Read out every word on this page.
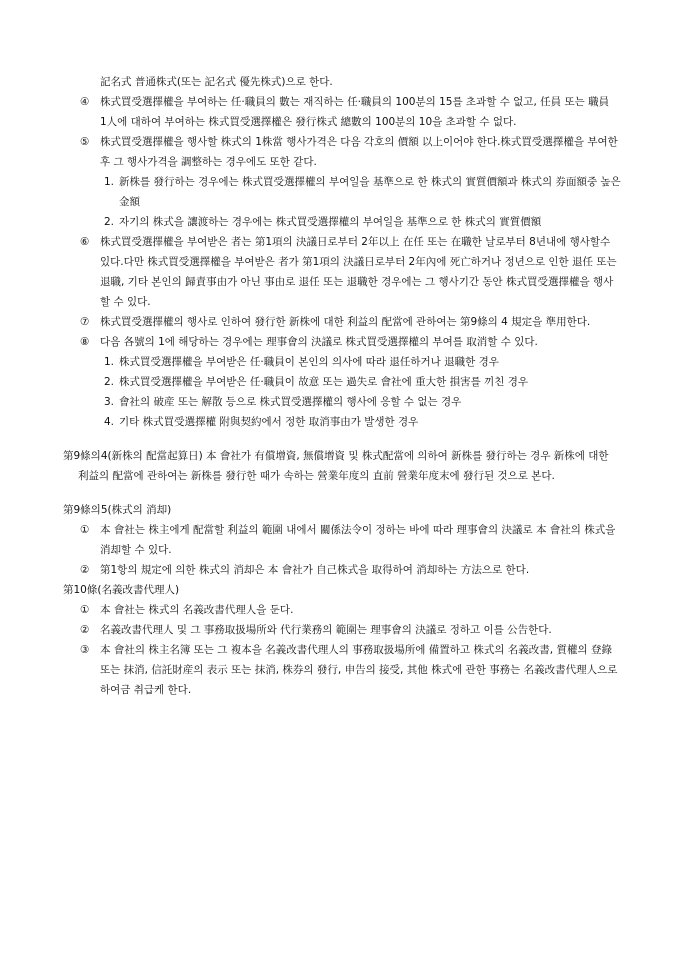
記名式 普通株式(또는 記名式 優先株式)으로 한다.

④ 株式買受選擇權을 부여하는 任·職員의 數는 재직하는 任·職員의 100분의 15를 초과할 수 없고, 任員 또는 職員 1人에 대하여 부여하는 株式買受選擇權은 發行株式 總數의 100분의 10을 초과할 수 없다.
⑤ 株式買受選擇權을 행사할 株式의 1株當 행사가격은 다음 각호의 價額 以上이어야 한다.株式買受選擇權을 부여한 후 그 행사가격을 調整하는 경우에도 또한 같다.
1. 新株를 發行하는 경우에는 株式買受選擇權의 부여일을 基準으로 한 株式의 實質價額과 株式의 券面額중 높은 金額
2. 자기의 株式을 讓渡하는 경우에는 株式買受選擇權의 부여일을 基準으로 한 株式의 實質價額
⑥ 株式買受選擇權을 부여받은 者는 第1項의 決議日로부터 2年以上 在任 또는 在職한 날로부터 8년내에 행사할수 있다.다만 株式買受選擇權을 부여받은 者가 第1項의 決議日로부터 2年內에 死亡하거나 정년으로 인한 退任 또는 退職, 기타 본인의 歸責事由가 아닌 事由로 退任 또는 退職한 경우에는 그 행사기간 동안 株式買受選擇權을 행사 할 수 있다.
⑦ 株式買受選擇權의 행사로 인하여 發行한 新株에 대한 利益의 配當에 관하여는 第9條의 4 規定을 準用한다.
⑧ 다음 各號의 1에 해당하는 경우에는 理事會의 決議로 株式買受選擇權의 부여를 取消할 수 있다.
1. 株式買受選擇權을 부여받은 任·職員이 본인의 의사에 따라 退任하거나 退職한 경우
2. 株式買受選擇權을 부여받은 任·職員이 故意 또는 過失로 會社에 重大한 損害를 끼친 경우
3. 會社의 破産 또는 解散 등으로 株式買受選擇權의 행사에 응할 수 없는 경우
4. 기타 株式買受選擇權 附與契約에서 정한 取消事由가 발생한 경우

第9條의4(新株의 配當起算日) 本 會社가 有償增資, 無償增資 및 株式配當에 의하여 新株를 發行하는 경우 新株에 대한 利益의 配當에 관하여는 新株를 發行한 때가 속하는 營業年度의 直前 營業年度末에 發行된 것으로 본다.

第9條의5(株式의 消却)

① 本 會社는 株主에게 配當할 利益의 範圍 내에서 關係法令이 정하는 바에 따라 理事會의 決議로 本 會社의 株式을 消却할 수 있다.
② 第1항의 規定에 의한 株式의 消却은 本 會社가 自己株式을 取得하여 消却하는 方法으로 한다.

第10條(名義改書代理人)

① 本 會社는 株式의 名義改書代理人을 둔다.
② 名義改書代理人 및 그 事務取扱場所와 代行業務의 範圍는 理事會의 決議로 정하고 이를 公告한다.
③ 本 會社의 株主名簿 또는 그 複本을 名義改書代理人의 事務取扱場所에 備置하고 株式의 名義改書, 質權의 登錄 또는 抹消, 信託財産의 表示 또는 抹消, 株券의 發行, 申告의 接受, 其他 株式에 관한 事務는 名義改書代理人으로 하여금 취급케 한다.
